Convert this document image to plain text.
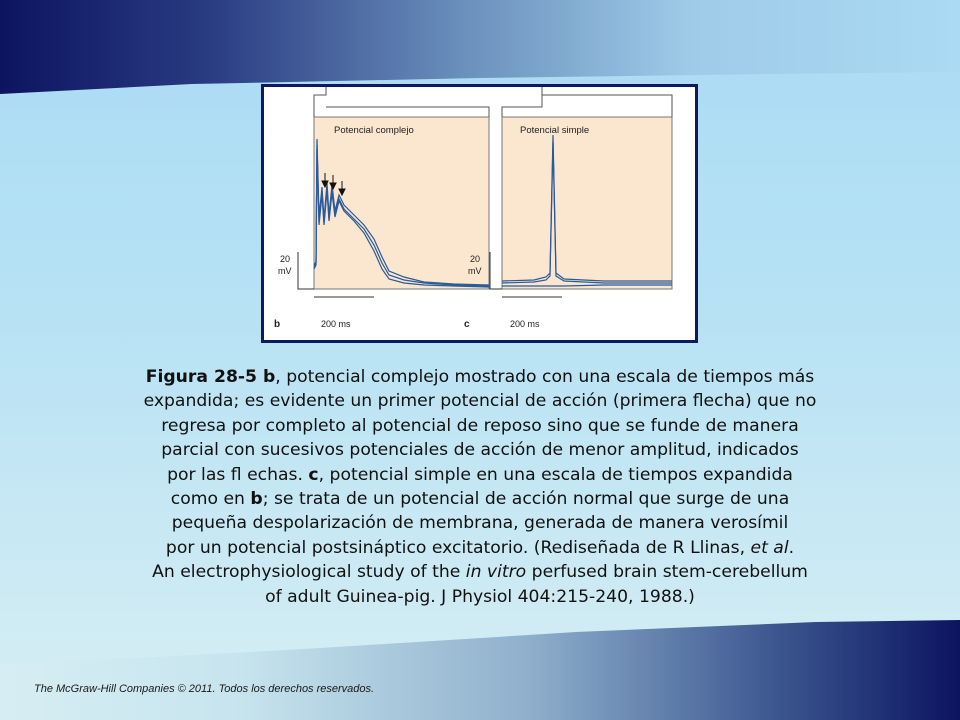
Potencial complejo
20
mV
200 ms
b
Potencial simple
20
mV
200 ms
c
Figura 28-5 b, potencial complejo mostrado con una escala de tiempos más
expandida; es evidente un primer potencial de acción (primera flecha) que no
regresa por completo al potencial de reposo sino que se funde de manera
parcial con sucesivos potenciales de acción de menor amplitud, indicados
por las fl echas. c, potencial simple en una escala de tiempos expandida
como en b; se trata de un potencial de acción normal que surge de una
pequeña despolarización de membrana, generada de manera verosímil
por un potencial postsináptico excitatorio. (Rediseñada de R Llinas, et al.
An electrophysiological study of the in vitro perfused brain stem-cerebellum
of adult Guinea-pig. J Physiol 404:215-240, 1988.)
The McGraw-Hill Companies © 2011. Todos los derechos reservados.
